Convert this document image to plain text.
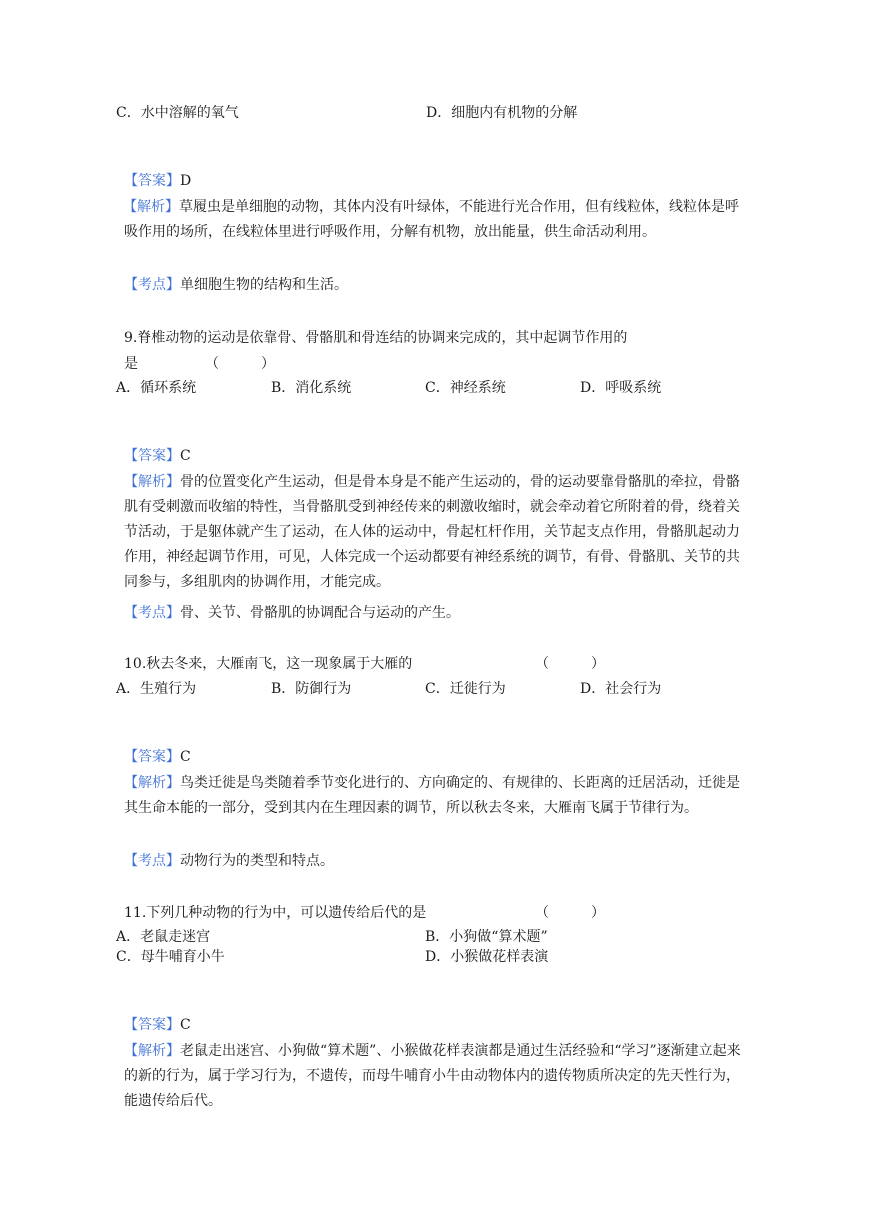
C．水中溶解的氧气	D．细胞内有机物的分解
【答案】D
【解析】草履虫是单细胞的动物，其体内没有叶绿体，不能进行光合作用，但有线粒体，线粒体是呼吸作用的场所，在线粒体里进行呼吸作用，分解有机物，放出能量，供生命活动利用。
【考点】单细胞生物的结构和生活。
9.脊椎动物的运动是依靠骨、骨骼肌和骨连结的协调来完成的，其中起调节作用的
是	（　　　）
A．循环系统	B．消化系统	C．神经系统	D．呼吸系统
【答案】C
【解析】骨的位置变化产生运动，但是骨本身是不能产生运动的，骨的运动要靠骨骼肌的牵拉，骨骼肌有受刺激而收缩的特性，当骨骼肌受到神经传来的刺激收缩时，就会牵动着它所附着的骨，绕着关节活动，于是躯体就产生了运动，在人体的运动中，骨起杠杆作用，关节起支点作用，骨骼肌起动力作用，神经起调节作用，可见，人体完成一个运动都要有神经系统的调节，有骨、骨骼肌、关节的共同参与，多组肌肉的协调作用，才能完成。
【考点】骨、关节、骨骼肌的协调配合与运动的产生。
10.秋去冬来，大雁南飞，这一现象属于大雁的	（　　　）
A．生殖行为	B．防御行为	C．迁徙行为	D．社会行为
【答案】C
【解析】鸟类迁徙是鸟类随着季节变化进行的、方向确定的、有规律的、长距离的迁居活动，迁徙是其生命本能的一部分，受到其内在生理因素的调节，所以秋去冬来，大雁南飞属于节律行为。
【考点】动物行为的类型和特点。
11.下列几种动物的行为中，可以遗传给后代的是	（　　　）
A．老鼠走迷宫	B．小狗做“算术题”
C．母牛哺育小牛	D．小猴做花样表演
【答案】C
【解析】老鼠走出迷宫、小狗做“算术题”、小猴做花样表演都是通过生活经验和“学习”逐渐建立起来的新的行为，属于学习行为，不遗传，而母牛哺育小牛由动物体内的遗传物质所决定的先天性行为，能遗传给后代。
